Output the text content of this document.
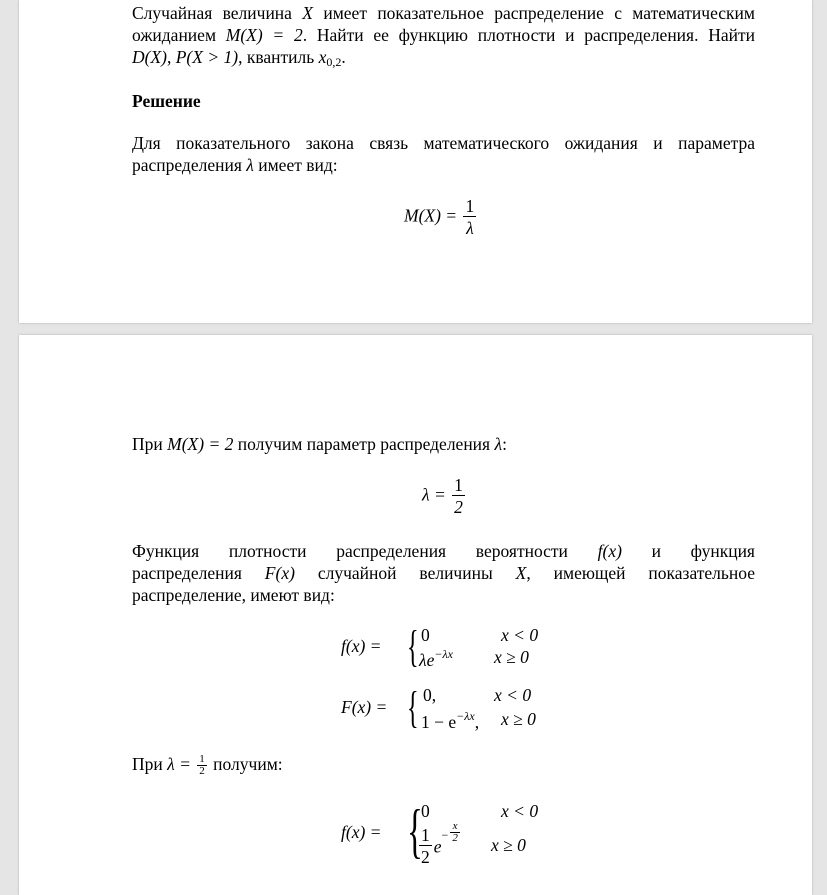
Случайная величина X имеет показательное распределение с математическим
ожиданием M(X) = 2. Найти ее функцию плотности и распределения. Найти
D(X), P(X > 1), квантиль $x_{0,2}$.
Решение
Для показательного закона связь математического ожидания и параметра
распределения λ имеет вид:
$M(X) = \frac{1}{\lambda}$
При M(X) = 2 получим параметр распределения λ:
$\lambda = \frac{1}{2}$
Функция плотности распределения вероятности f(x) и функция
распределения F(x) случайной величины X, имеющей показательное
распределение, имеют вид:
f(x) = { 0	x < 0
$\lambda e^{-\lambda x}$ x ≥ 0
F(x) = { 0,	x < 0
$1 - e^{-\lambda x}$, x ≥ 0
При $\lambda = \frac{1}{2}$ получим:
f(x) = {
0	x < 0
$\frac{1}{2} e^- \frac{x}{2}$
x ≥ 0
